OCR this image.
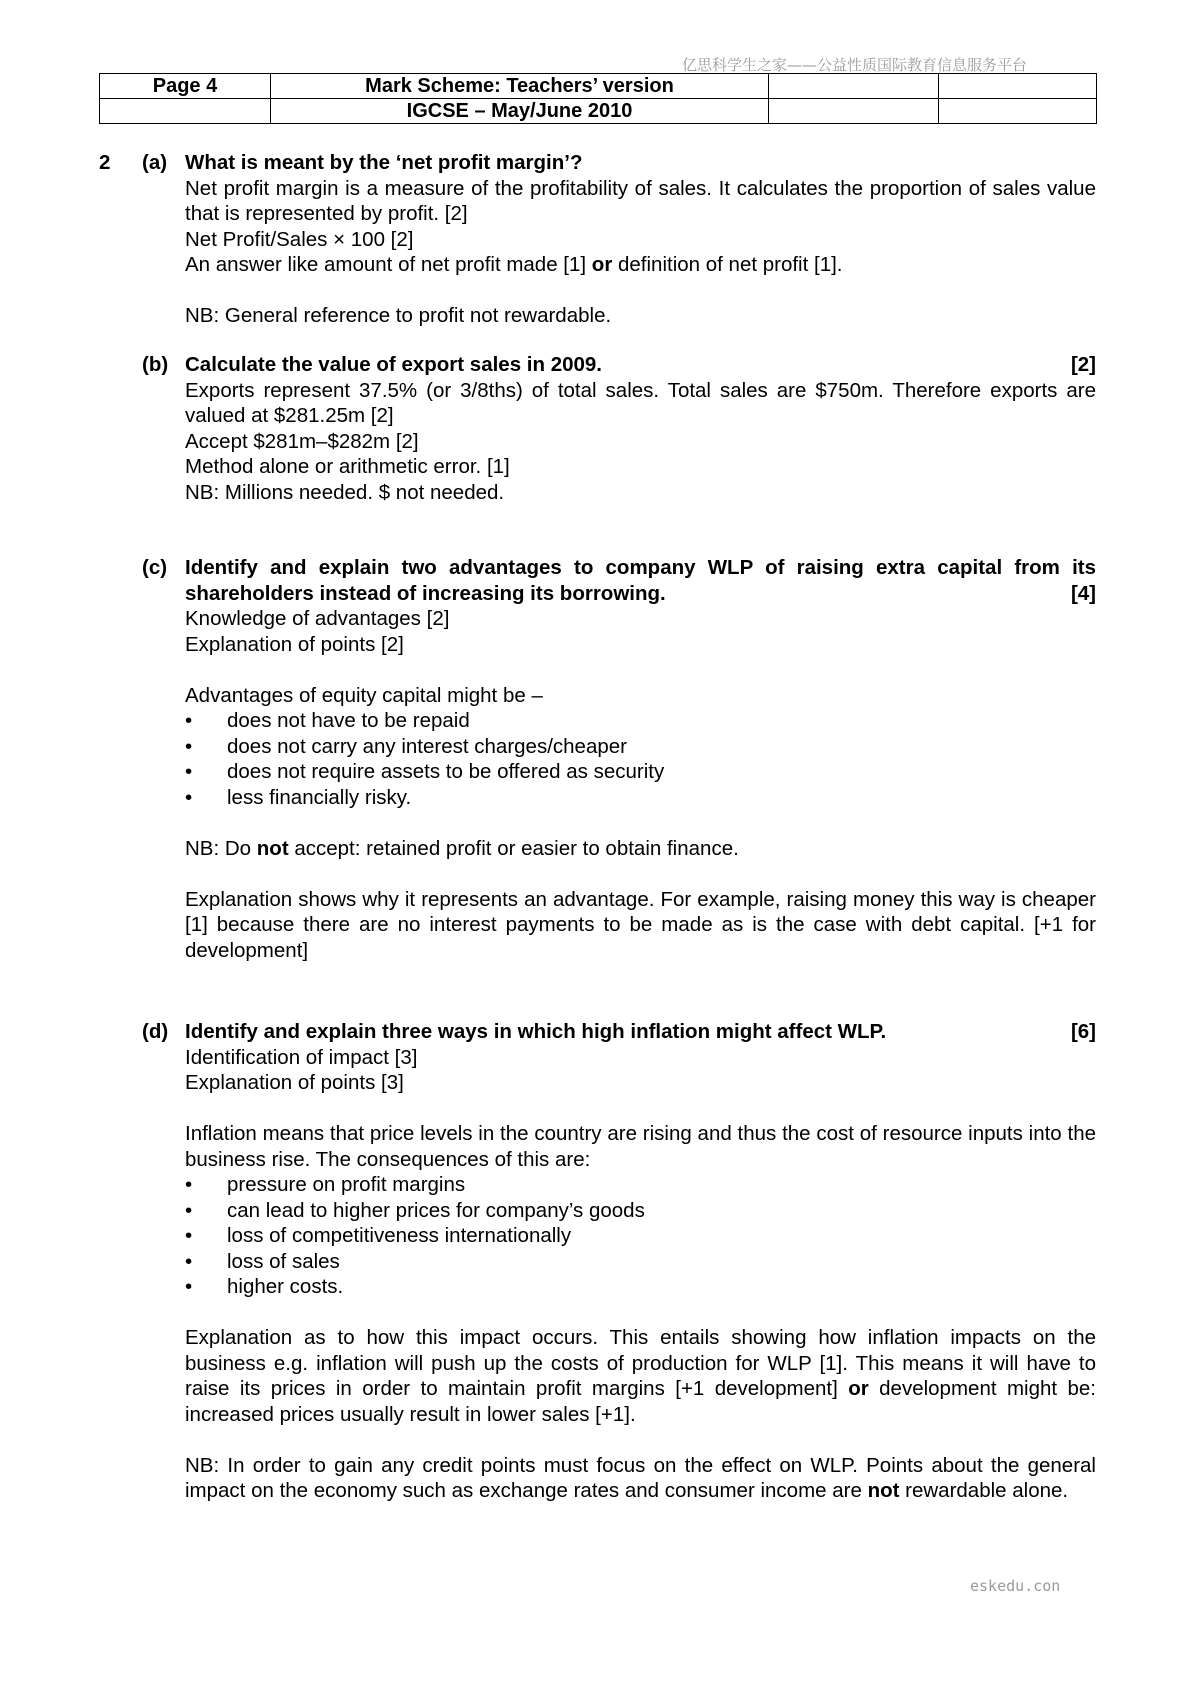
亿思科学生之家——公益性质国际教育信息服务平台
Page 4	Mark Scheme: Teachers’ version		
	IGCSE – May/June 2010		
2 (a) What is meant by the ‘net profit margin’?
Net profit margin is a measure of the profitability of sales. It calculates the proportion of sales value that is represented by profit. [2]
Net Profit/Sales × 100 [2]
An answer like amount of net profit made [1] or definition of net profit [1].
NB: General reference to profit not rewardable.
(b) Calculate the value of export sales in 2009.	[2]
Exports represent 37.5% (or 3/8ths) of total sales. Total sales are $750m. Therefore exports are valued at $281.25m [2]
Accept $281m–$282m [2]
Method alone or arithmetic error. [1]
NB: Millions needed. $ not needed.
(c) Identify and explain two advantages to company WLP of raising extra capital from its shareholders instead of increasing its borrowing.	[4]
Knowledge of advantages [2]
Explanation of points [2]
Advantages of equity capital might be –
• does not have to be repaid
• does not carry any interest charges/cheaper
• does not require assets to be offered as security
• less financially risky.
NB: Do not accept: retained profit or easier to obtain finance.
Explanation shows why it represents an advantage. For example, raising money this way is cheaper [1] because there are no interest payments to be made as is the case with debt capital. [+1 for development]
(d) Identify and explain three ways in which high inflation might affect WLP.	[6]
Identification of impact [3]
Explanation of points [3]
Inflation means that price levels in the country are rising and thus the cost of resource inputs into the business rise. The consequences of this are:
• pressure on profit margins
• can lead to higher prices for company’s goods
• loss of competitiveness internationally
• loss of sales
• higher costs.
Explanation as to how this impact occurs. This entails showing how inflation impacts on the business e.g. inflation will push up the costs of production for WLP [1]. This means it will have to raise its prices in order to maintain profit margins [+1 development] or development might be: increased prices usually result in lower sales [+1].
NB: In order to gain any credit points must focus on the effect on WLP. Points about the general impact on the economy such as exchange rates and consumer income are not rewardable alone.
eskedu.con
